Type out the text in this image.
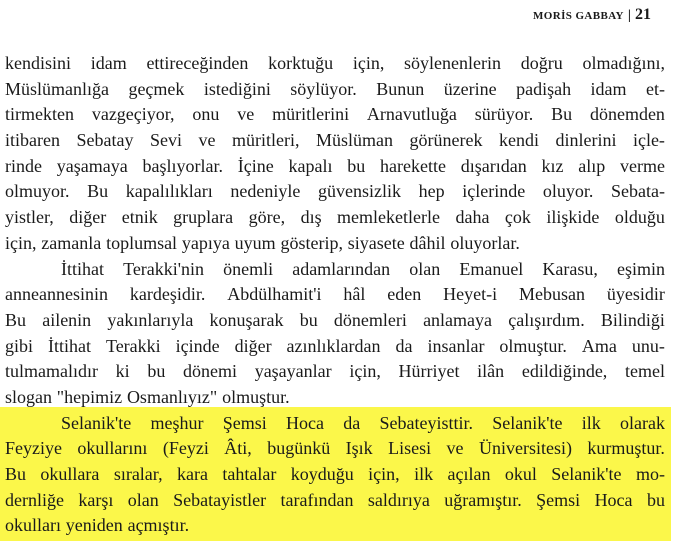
MORİS GABBAY | 21
kendisini idam ettireceğinden korktuğu için, söylenenlerin doğru olmadığını,
Müslümanlığa geçmek istediğini söylüyor. Bunun üzerine padişah idam et-
tirmekten vazgeçiyor, onu ve müritlerini Arnavutluğa sürüyor. Bu dönemden
itibaren Sebatay Sevi ve müritleri, Müslüman görünerek kendi dinlerini içle-
rinde yaşamaya başlıyorlar. İçine kapalı bu harekette dışarıdan kız alıp verme
olmuyor. Bu kapalılıkları nedeniyle güvensizlik hep içlerinde oluyor. Sebata-
yistler, diğer etnik gruplara göre, dış memleketlerle daha çok ilişkide olduğu
için, zamanla toplumsal yapıya uyum gösterip, siyasete dâhil oluyorlar.
İttihat Terakki'nin önemli adamlarından olan Emanuel Karasu, eşimin
anneannesinin kardeşidir. Abdülhamit'i hâl eden Heyet-i Mebusan üyesidir
Bu ailenin yakınlarıyla konuşarak bu dönemleri anlamaya çalışırdım. Bilindiği
gibi İttihat Terakki içinde diğer azınlıklardan da insanlar olmuştur. Ama unu-
tulmamalıdır ki bu dönemi yaşayanlar için, Hürriyet ilân edildiğinde, temel
slogan "hepimiz Osmanlıyız" olmuştur.
Selanik'te meşhur Şemsi Hoca da Sebateyisttir. Selanik'te ilk olarak
Feyziye okullarını (Feyzi Âti, bugünkü Işık Lisesi ve Üniversitesi) kurmuştur.
Bu okullara sıralar, kara tahtalar koyduğu için, ilk açılan okul Selanik'te mo-
dernliğe karşı olan Sebatayistler tarafından saldırıya uğramıştır. Şemsi Hoca bu
okulları yeniden açmıştır.
